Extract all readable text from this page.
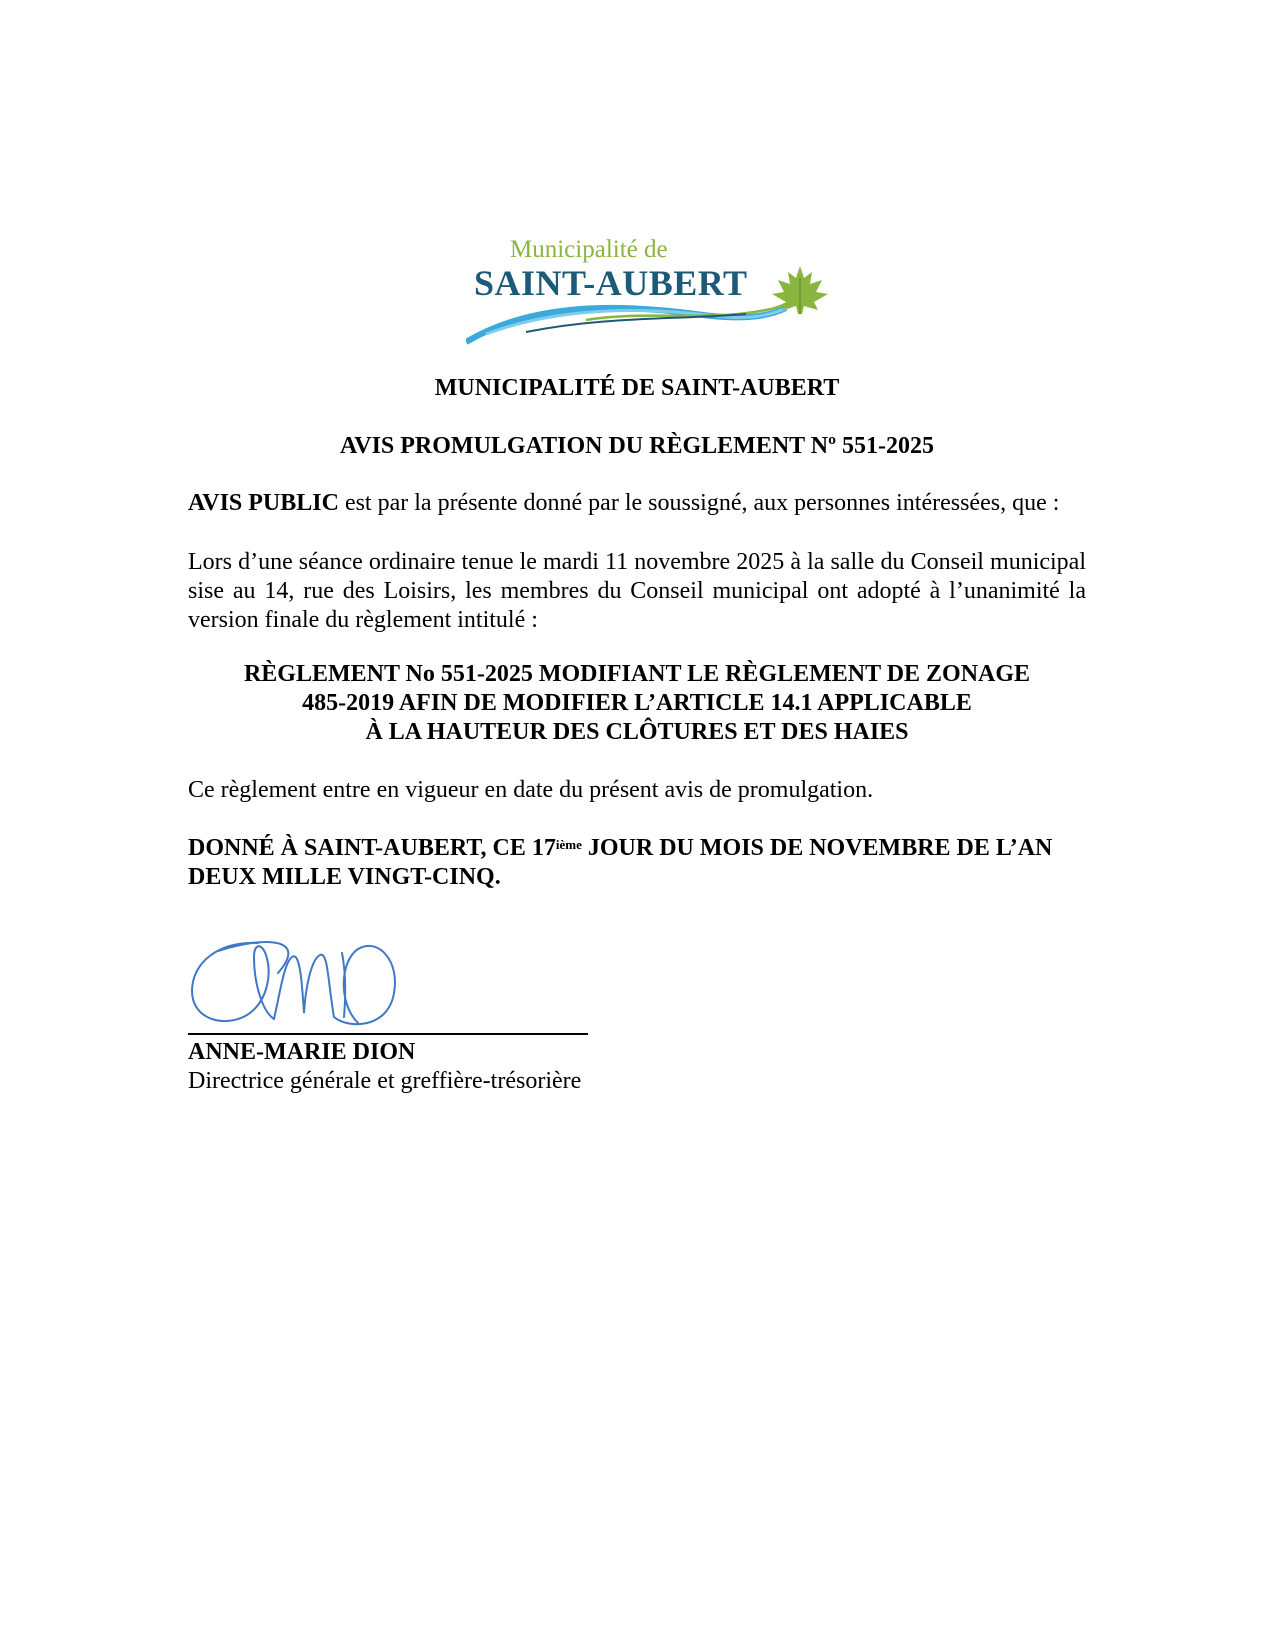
Municipalité de
SAINT-AUBERT
MUNICIPALITÉ DE SAINT-AUBERT
AVIS PROMULGATION DU RÈGLEMENT Nº 551-2025
AVIS PUBLIC est par la présente donné par le soussigné, aux personnes intéressées, que :
Lors d’une séance ordinaire tenue le mardi 11 novembre 2025 à la salle du Conseil municipal sise au 14, rue des Loisirs, les membres du Conseil municipal ont adopté à l’unanimité la version finale du règlement intitulé :
RÈGLEMENT No 551-2025 MODIFIANT LE RÈGLEMENT DE ZONAGE
485-2019 AFIN DE MODIFIER L’ARTICLE 14.1 APPLICABLE
À LA HAUTEUR DES CLÔTURES ET DES HAIES
Ce règlement entre en vigueur en date du présent avis de promulgation.
DONNÉ À SAINT-AUBERT, CE 17ième JOUR DU MOIS DE NOVEMBRE DE L’AN DEUX MILLE VINGT-CINQ.
ANNE-MARIE DION
Directrice générale et greffière-trésorière
